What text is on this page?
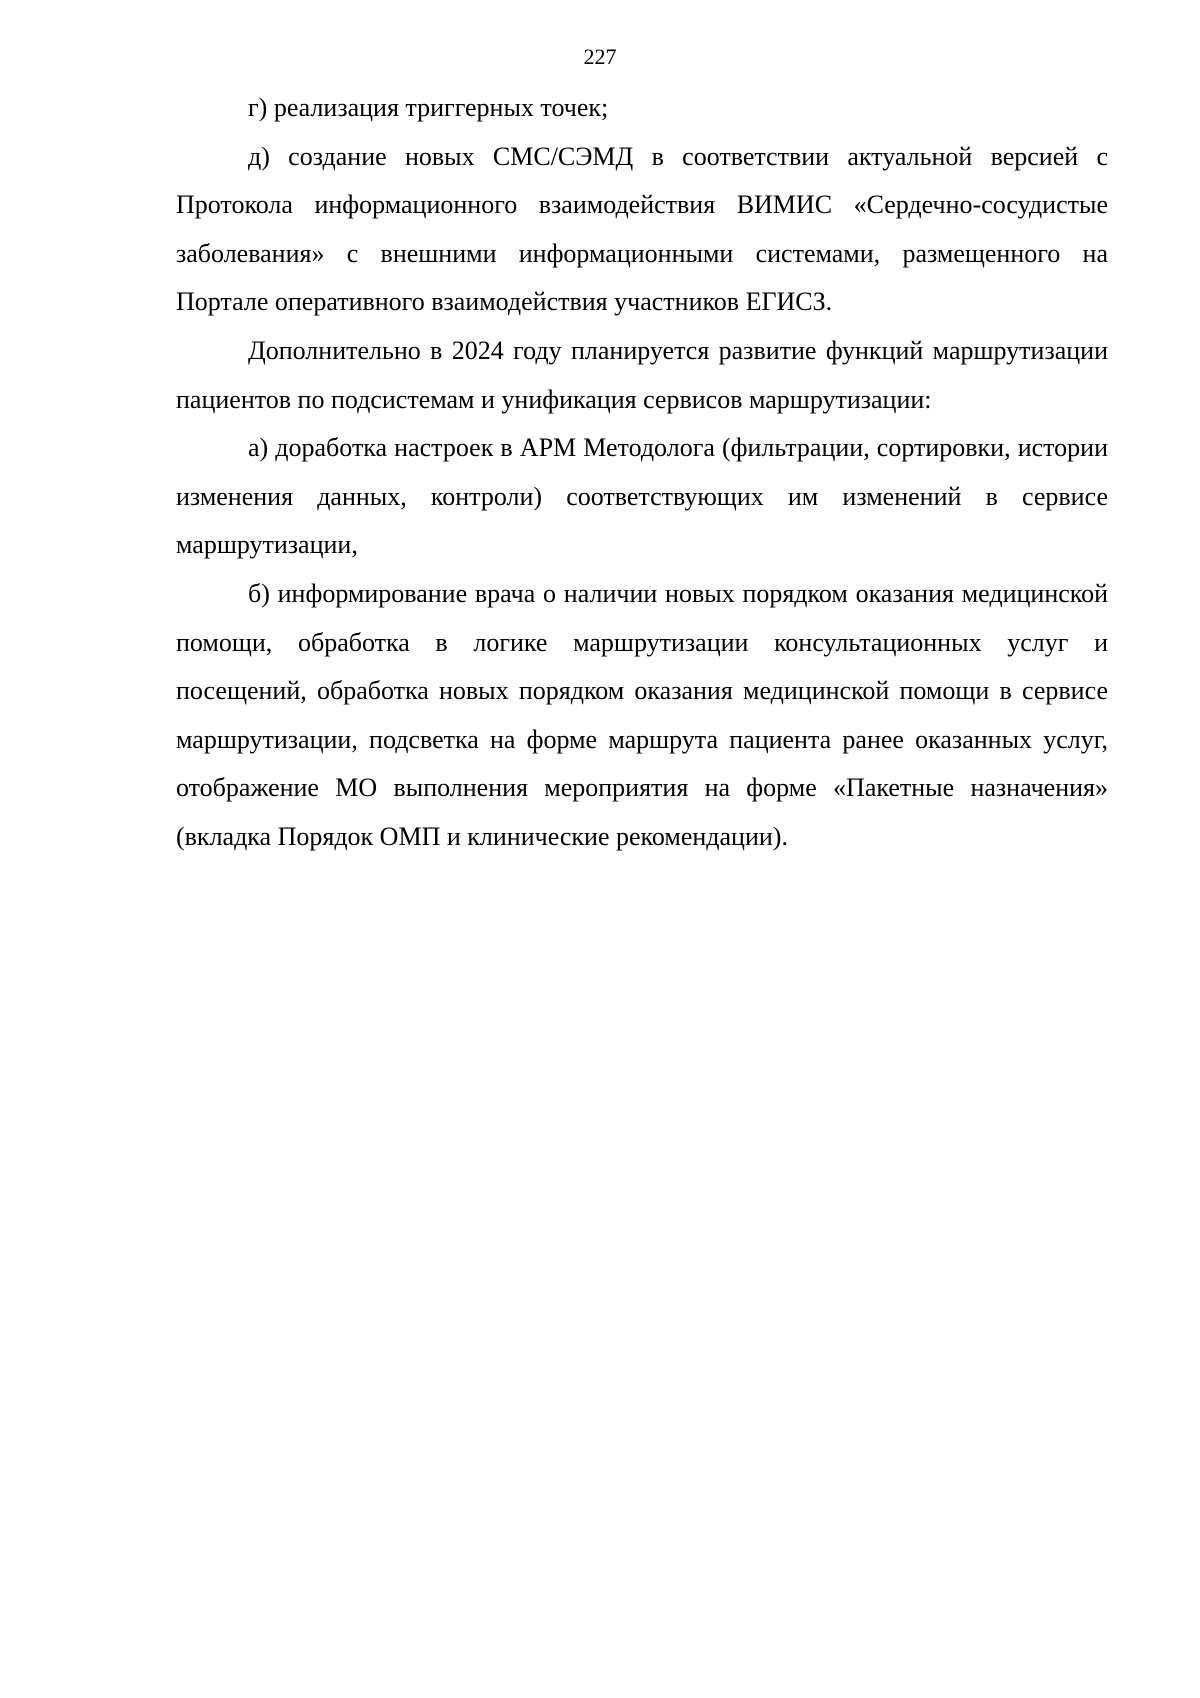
227

г) реализация триггерных точек;

д) создание новых СМС/СЭМД в соответствии актуальной версией с Протокола информационного взаимодействия ВИМИС «Сердечно-сосудистые заболевания» с внешними информационными системами, размещенного на Портале оперативного взаимодействия участников ЕГИСЗ.

Дополнительно в 2024 году планируется развитие функций маршрутизации пациентов по подсистемам и унификация сервисов маршрутизации:

а) доработка настроек в АРМ Методолога (фильтрации, сортировки, истории изменения данных, контроли) соответствующих им изменений в сервисе маршрутизации,

б) информирование врача о наличии новых порядком оказания медицинской помощи, обработка в логике маршрутизации консультационных услуг и посещений, обработка новых порядком оказания медицинской помощи в сервисе маршрутизации, подсветка на форме маршрута пациента ранее оказанных услуг, отображение МО выполнения мероприятия на форме «Пакетные назначения» (вкладка Порядок ОМП и клинические рекомендации).
